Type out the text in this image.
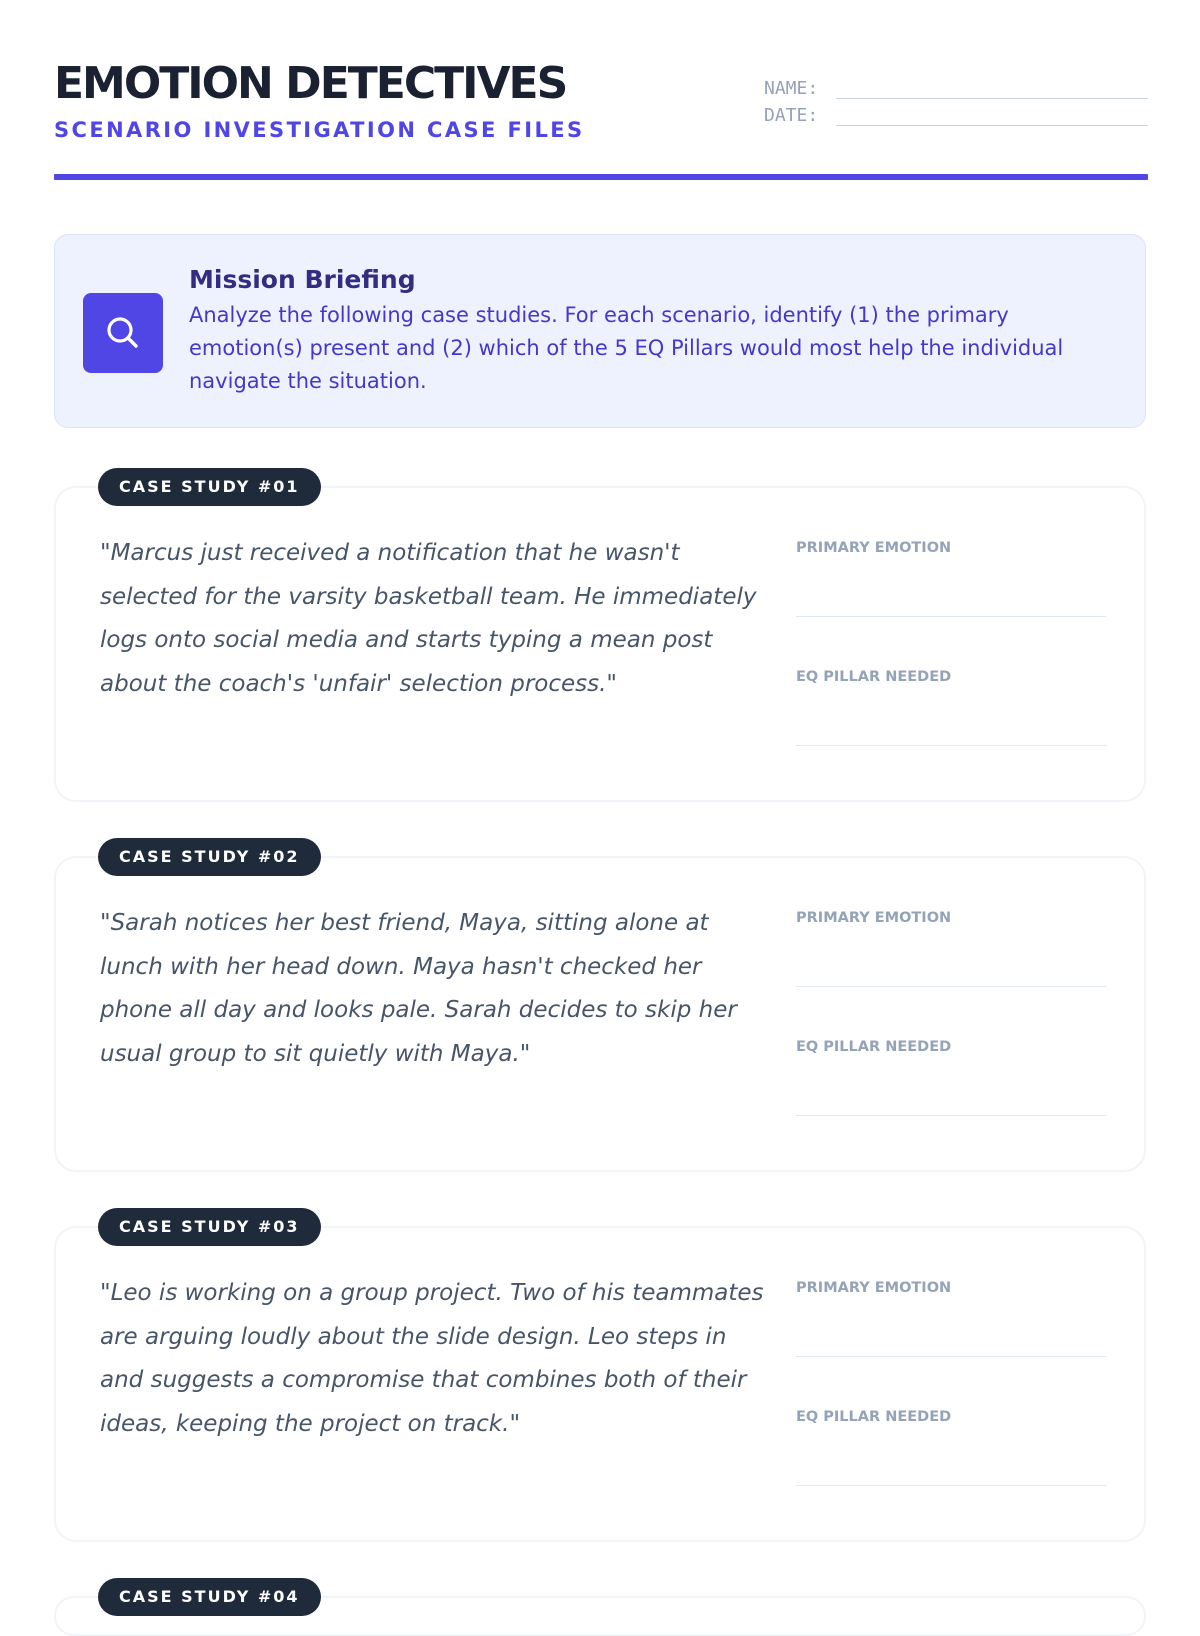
EMOTION DETECTIVES
SCENARIO INVESTIGATION CASE FILES
NAME:
DATE:
Mission Briefing
Analyze the following case studies. For each scenario, identify (1) the primary emotion(s) present and (2) which of the 5 EQ Pillars would most help the individual navigate the situation.
"Marcus just received a notification that he wasn't selected for the varsity basketball team. He immediately logs onto social media and starts typing a mean post about the coach's 'unfair' selection process."
PRIMARY EMOTION
EQ PILLAR NEEDED
CASE STUDY #01
"Sarah notices her best friend, Maya, sitting alone at lunch with her head down. Maya hasn't checked her phone all day and looks pale. Sarah decides to skip her usual group to sit quietly with Maya."
PRIMARY EMOTION
EQ PILLAR NEEDED
CASE STUDY #02
"Leo is working on a group project. Two of his teammates are arguing loudly about the slide design. Leo steps in and suggests a compromise that combines both of their ideas, keeping the project on track."
PRIMARY EMOTION
EQ PILLAR NEEDED
CASE STUDY #03
CASE STUDY #04
